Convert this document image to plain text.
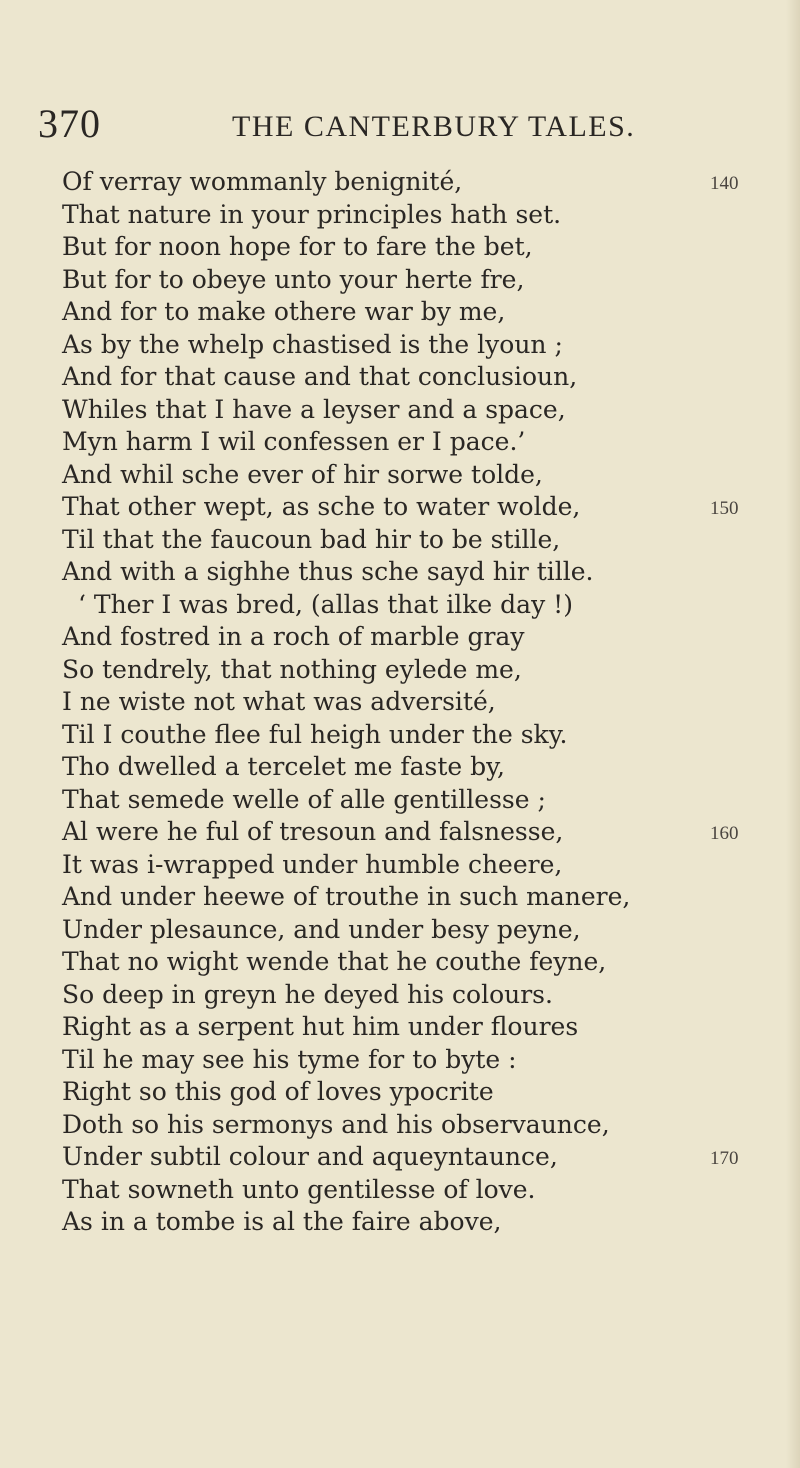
370	THE CANTERBURY TALES.
Of verray wommanly benignité,	140
That nature in your principles hath set.
But for noon hope for to fare the bet,
But for to obeye unto your herte fre,
And for to make othere war by me,
As by the whelp chastised is the lyoun ;
And for that cause and that conclusioun,
Whiles that I have a leyser and a space,
Myn harm I wil confessen er I pace.’
And whil sche ever of hir sorwe tolde,
That other wept, as sche to water wolde,	150
Til that the faucoun bad hir to be stille,
And with a sighhe thus sche sayd hir tille.
‘ Ther I was bred, (allas that ilke day !)
And fostred in a roch of marble gray
So tendrely, that nothing eylede me,
I ne wiste not what was adversité,
Til I couthe flee ful heigh under the sky.
Tho dwelled a tercelet me faste by,
That semede welle of alle gentillesse ;
Al were he ful of tresoun and falsnesse,	160
It was i-wrapped under humble cheere,
And under heewe of trouthe in such manere,
Under plesaunce, and under besy peyne,
That no wight wende that he couthe feyne,
So deep in greyn he deyed his colours.
Right as a serpent hut him under floures
Til he may see his tyme for to byte :
Right so this god of loves ypocrite
Doth so his sermonys and his observaunce,
Under subtil colour and aqueyntaunce,	170
That sowneth unto gentilesse of love.
As in a tombe is al the faire above,
